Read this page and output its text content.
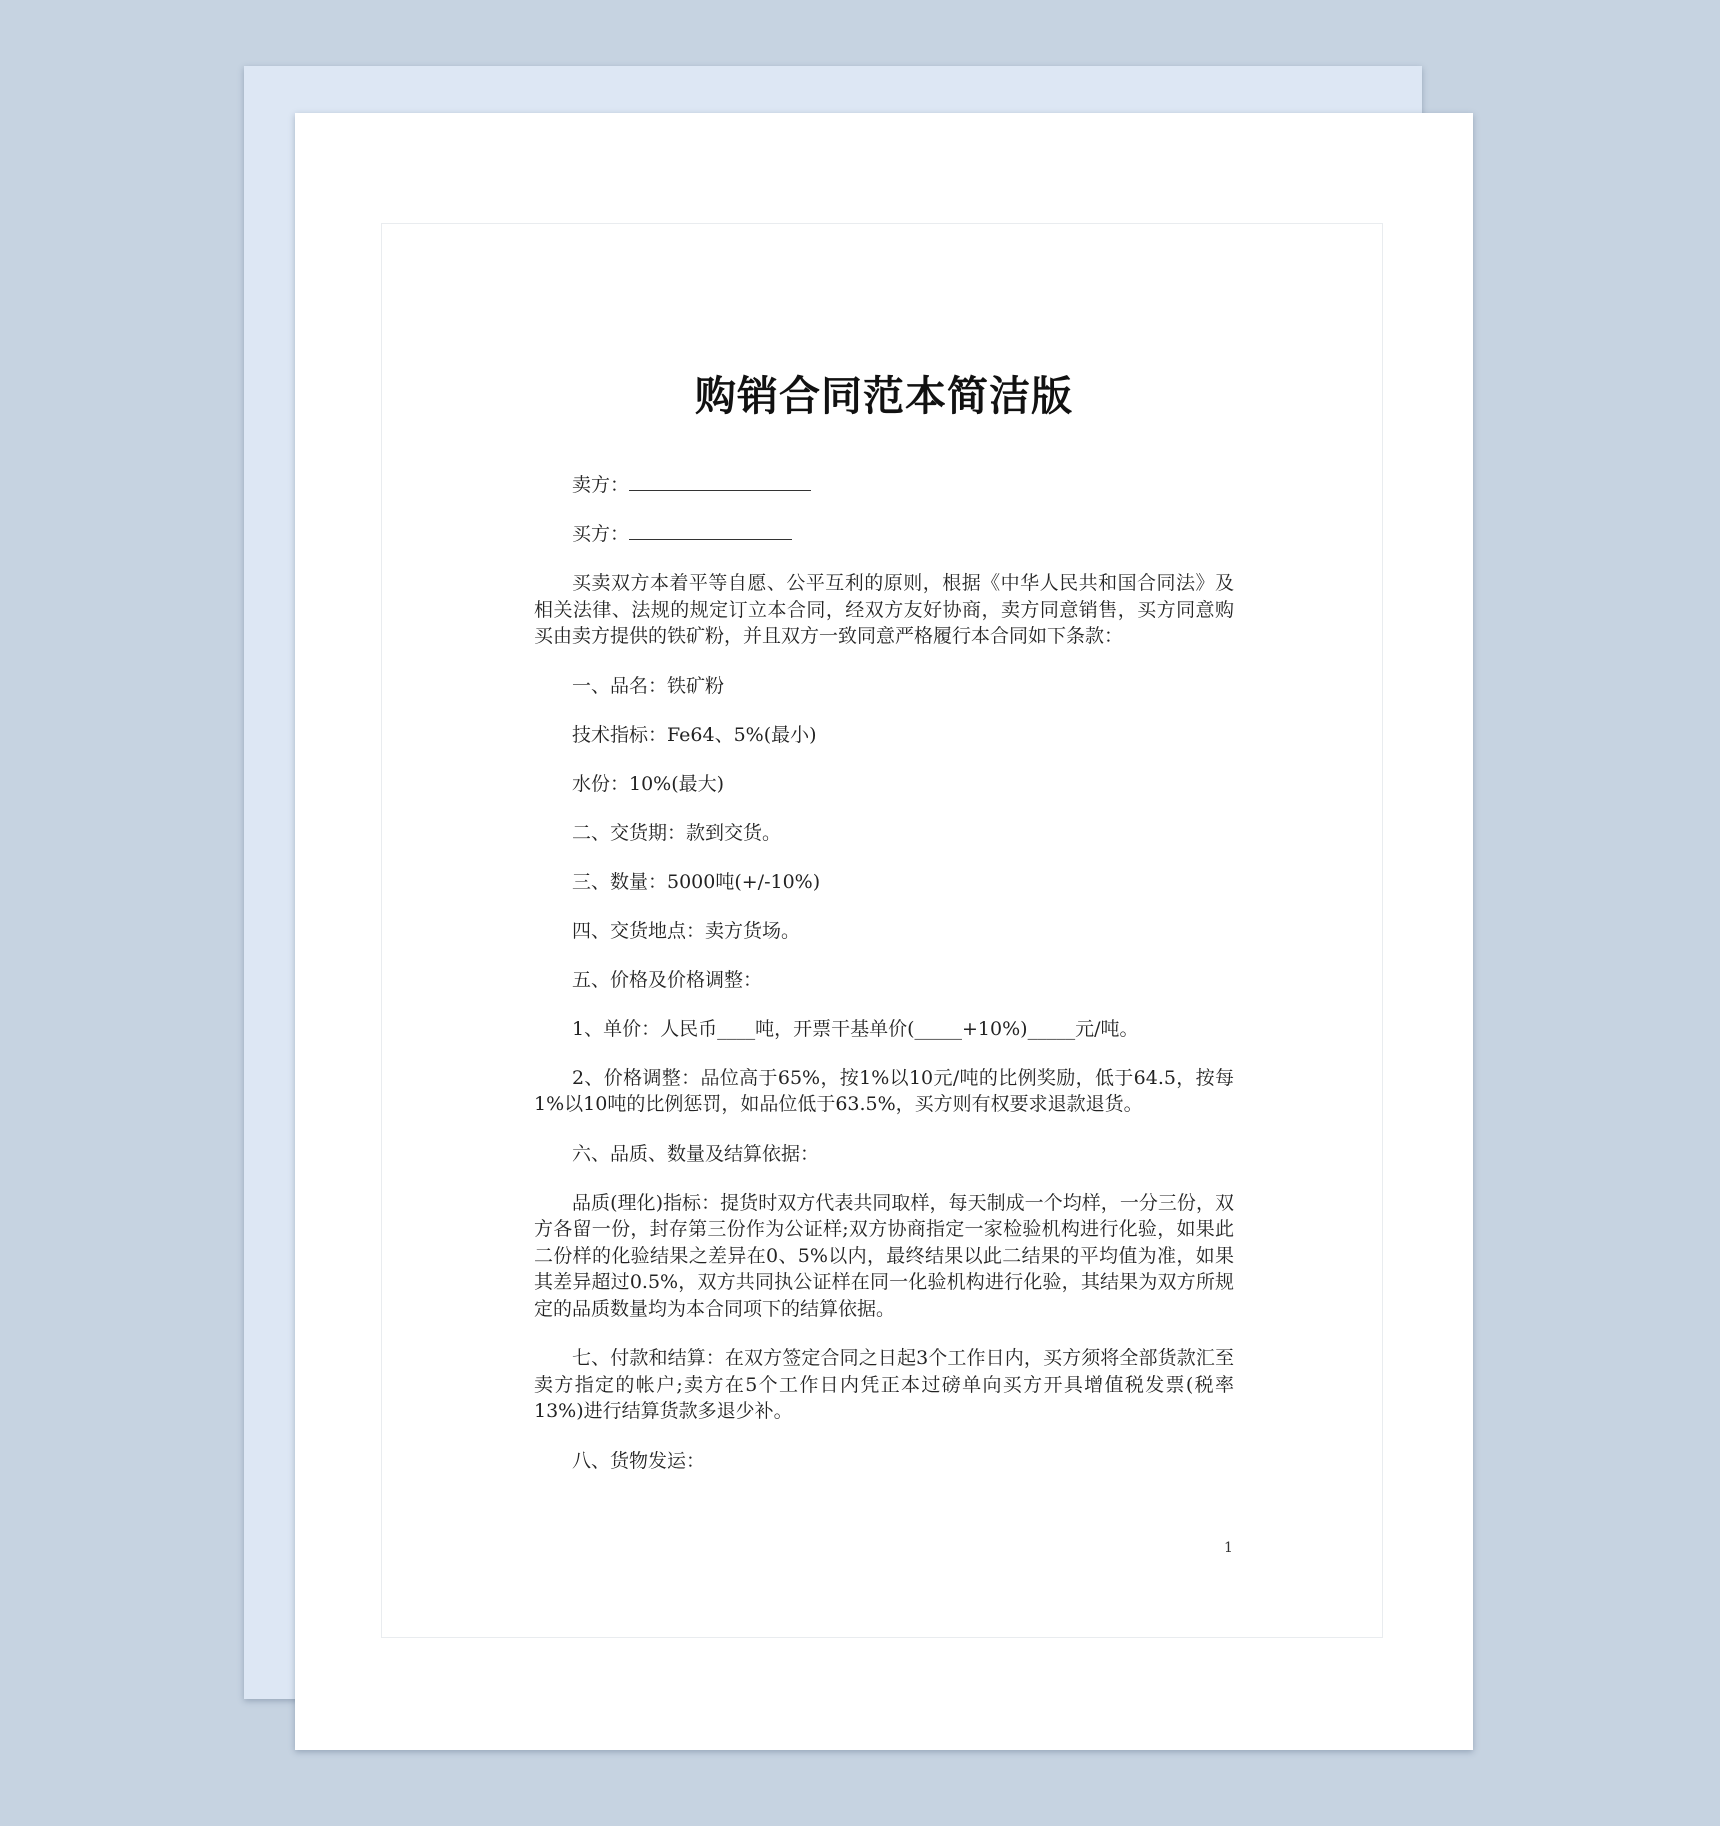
购销合同范本简洁版

卖方：

买方：

买卖双方本着平等自愿、公平互利的原则，根据《中华人民共和国合同法》及相关法律、法规的规定订立本合同，经双方友好协商，卖方同意销售，买方同意购买由卖方提供的铁矿粉，并且双方一致同意严格履行本合同如下条款：

一、品名：铁矿粉

技术指标：Fe64、5%(最小)

水份：10%(最大)

二、交货期：款到交货。

三、数量：5000吨(+/-10%)

四、交货地点：卖方货场。

五、价格及价格调整：

1、单价：人民币____吨，开票干基单价(_____+10%)_____元/吨。

2、价格调整：品位高于65%，按1%以10元/吨的比例奖励，低于64.5，按每1%以10吨的比例惩罚，如品位低于63.5%，买方则有权要求退款退货。

六、品质、数量及结算依据：

品质(理化)指标：提货时双方代表共同取样，每天制成一个均样，一分三份，双方各留一份，封存第三份作为公证样;双方协商指定一家检验机构进行化验，如果此二份样的化验结果之差异在0、5%以内，最终结果以此二结果的平均值为准，如果其差异超过0.5%，双方共同执公证样在同一化验机构进行化验，其结果为双方所规定的品质数量均为本合同项下的结算依据。

七、付款和结算：在双方签定合同之日起3个工作日内，买方须将全部货款汇至卖方指定的帐户;卖方在5个工作日内凭正本过磅单向买方开具增值税发票(税率13%)进行结算货款多退少补。

八、货物发运：

1
